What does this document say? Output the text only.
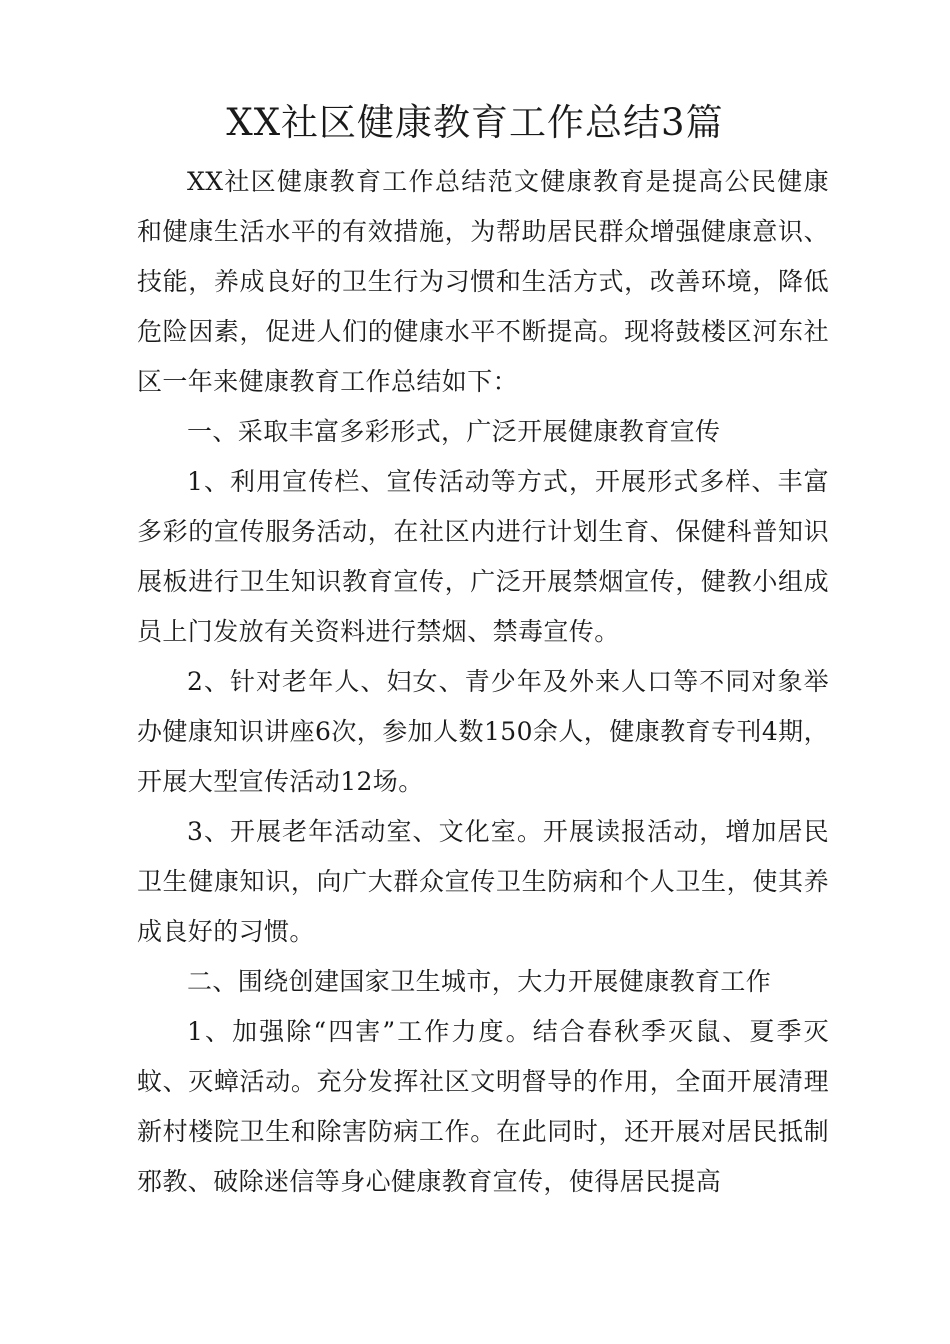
XX社区健康教育工作总结3篇

XX社区健康教育工作总结范文健康教育是提高公民健康和健康生活水平的有效措施，为帮助居民群众增强健康意识、技能，养成良好的卫生行为习惯和生活方式，改善环境，降低危险因素，促进人们的健康水平不断提高。现将鼓楼区河东社区一年来健康教育工作总结如下：

一、采取丰富多彩形式，广泛开展健康教育宣传

1、利用宣传栏、宣传活动等方式，开展形式多样、丰富多彩的宣传服务活动，在社区内进行计划生育、保健科普知识展板进行卫生知识教育宣传，广泛开展禁烟宣传，健教小组成员上门发放有关资料进行禁烟、禁毒宣传。

2、针对老年人、妇女、青少年及外来人口等不同对象举办健康知识讲座6次，参加人数150余人，健康教育专刊4期，开展大型宣传活动12场。

3、开展老年活动室、文化室。开展读报活动，增加居民卫生健康知识，向广大群众宣传卫生防病和个人卫生，使其养成良好的习惯。

二、围绕创建国家卫生城市，大力开展健康教育工作

1、加强除“四害”工作力度。结合春秋季灭鼠、夏季灭蚊、灭蟑活动。充分发挥社区文明督导的作用，全面开展清理新村楼院卫生和除害防病工作。在此同时，还开展对居民抵制邪教、破除迷信等身心健康教育宣传，使得居民提高
